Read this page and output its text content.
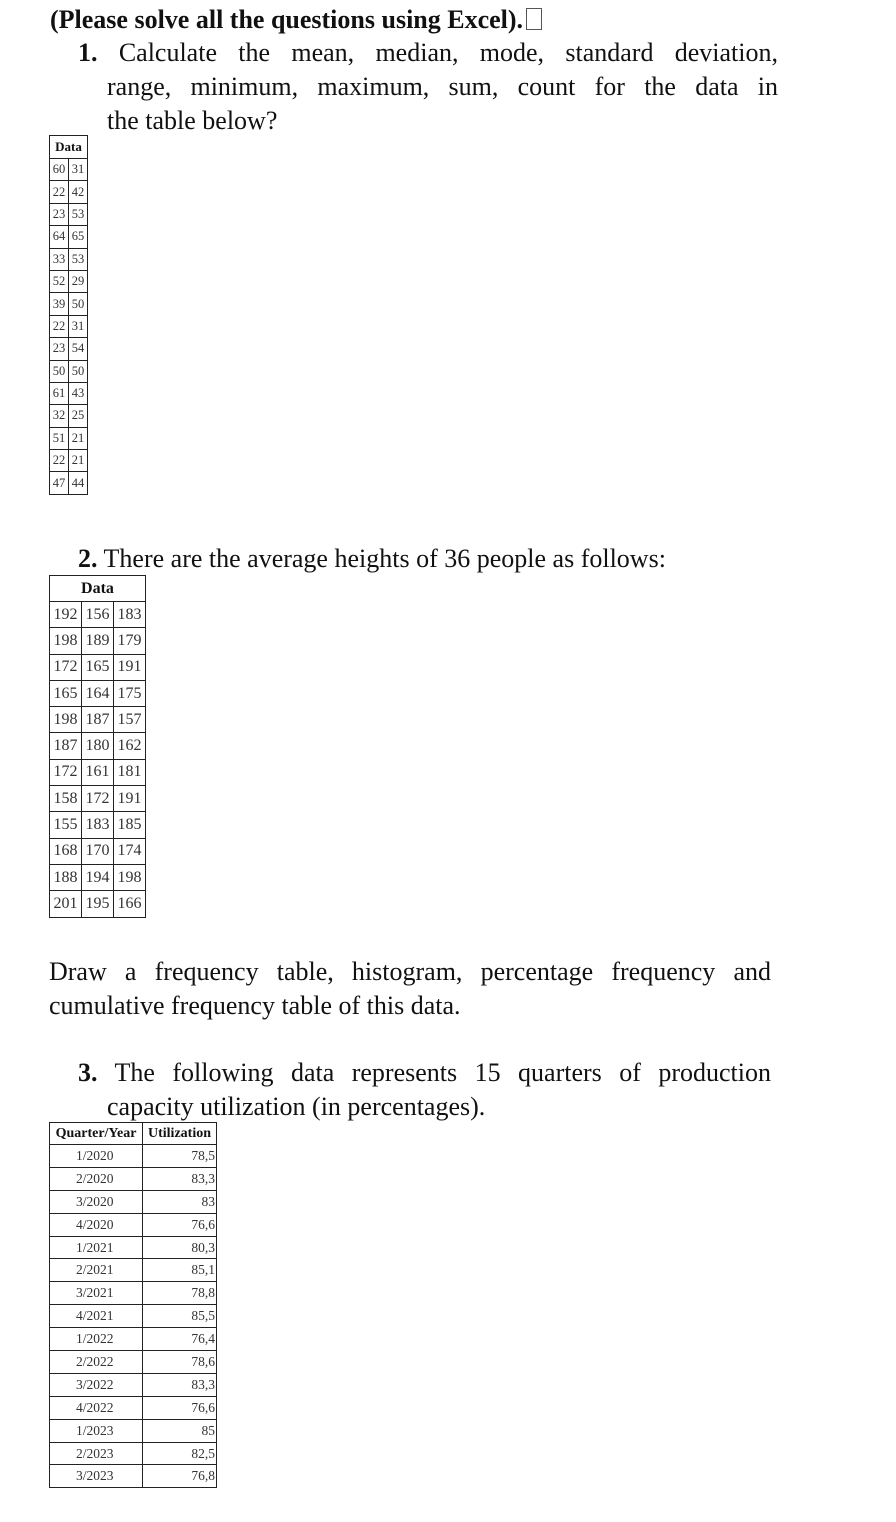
(Please solve all the questions using Excel).
1. Calculate the mean, median, mode, standard deviation,
range, minimum, maximum, sum, count for the data in
the table below?
Data	
60	31
22	42
23	53
64	65
33	53
52	29
39	50
22	31
23	54
50	50
61	43
32	25
51	21
22	21
47	44
2. There are the average heights of 36 people as follows:
Data		
192	156	183
198	189	179
172	165	191
165	164	175
198	187	157
187	180	162
172	161	181
158	172	191
155	183	185
168	170	174
188	194	198
201	195	166
Draw a frequency table, histogram, percentage frequency and
cumulative frequency table of this data.
3. The following data represents 15 quarters of production
capacity utilization (in percentages).
Quarter/Year	Utilization
1/2020	78,5
2/2020	83,3
3/2020	83
4/2020	76,6
1/2021	80,3
2/2021	85,1
3/2021	78,8
4/2021	85,5
1/2022	76,4
2/2022	78,6
3/2022	83,3
4/2022	76,6
1/2023	85
2/2023	82,5
3/2023	76,8
